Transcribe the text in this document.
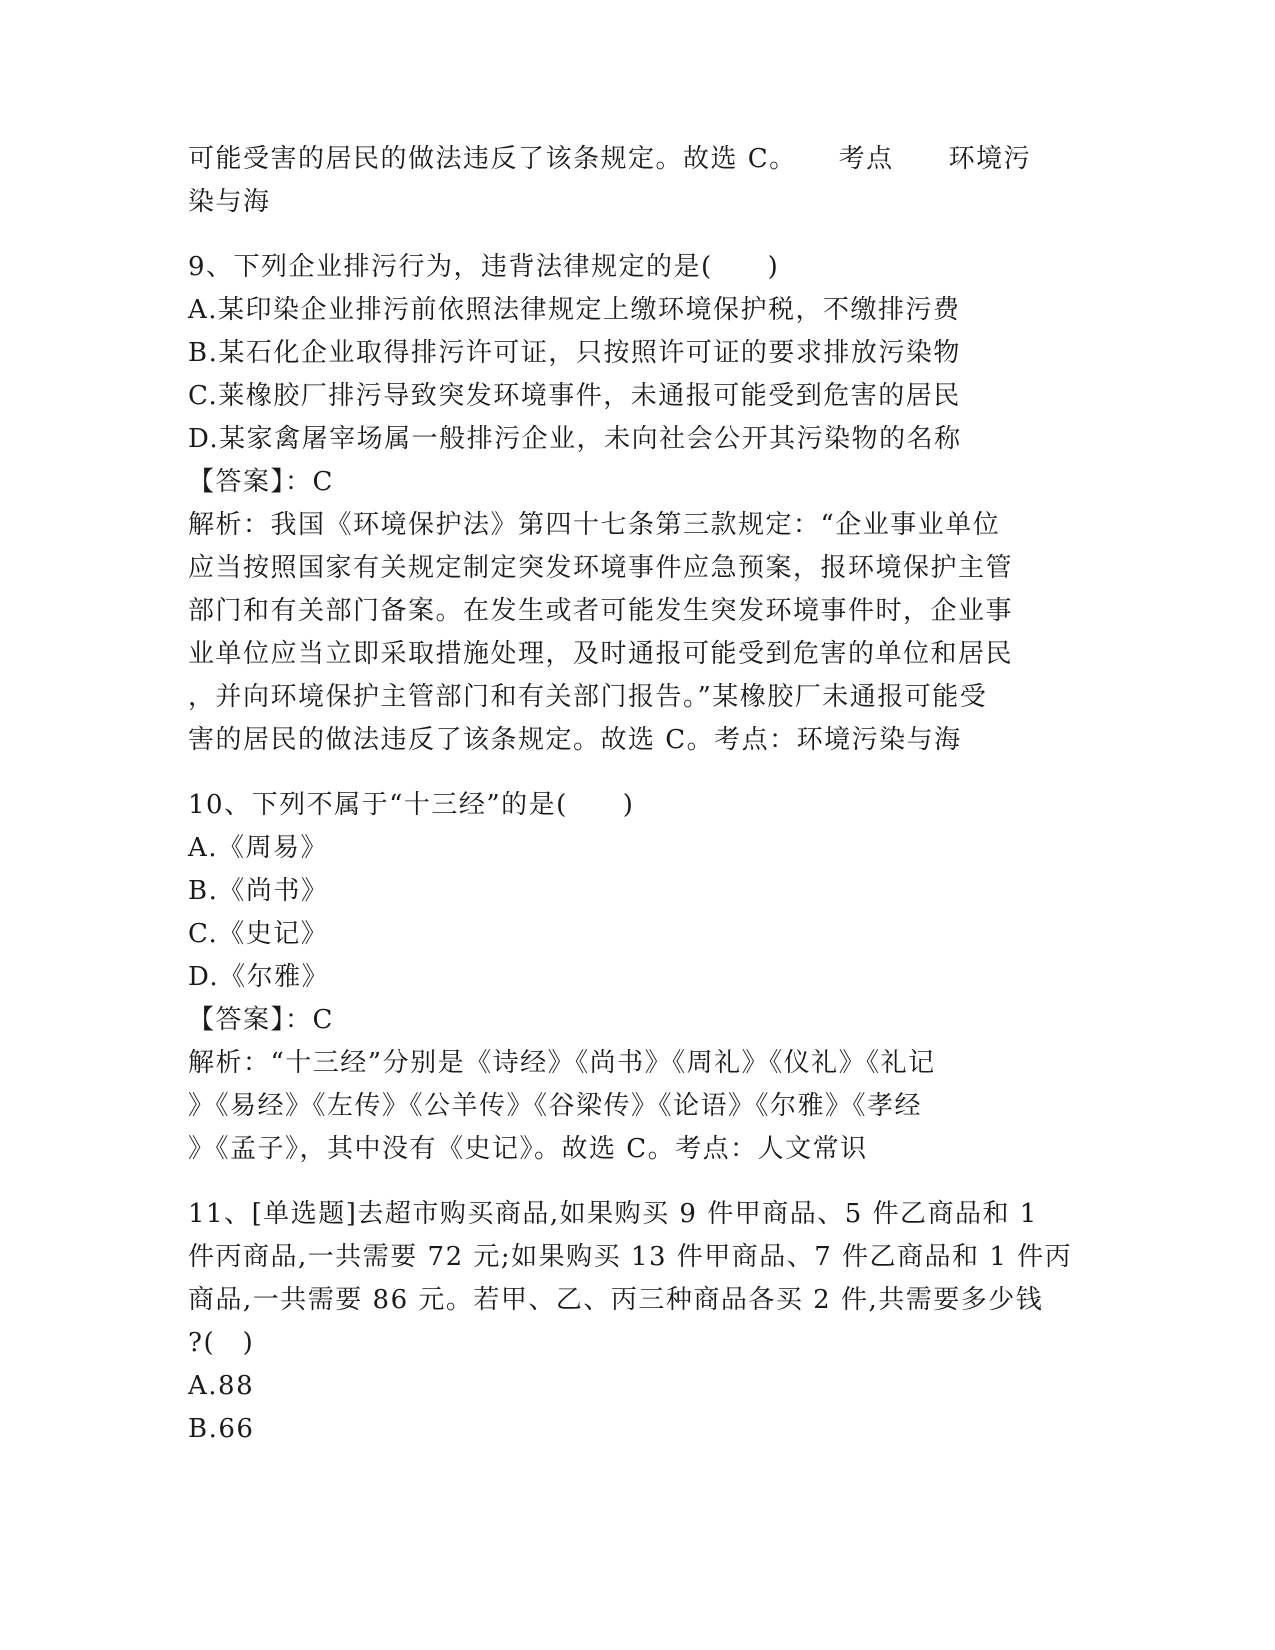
可能受害的居民的做法违反了该条规定。故选 C。　　考点　　环境污
染与海
9、下列企业排污行为，违背法律规定的是(　　)
A.某印染企业排污前依照法律规定上缴环境保护税，不缴排污费
B.某石化企业取得排污许可证，只按照许可证的要求排放污染物
C.莱橡胶厂排污导致突发环境事件，未通报可能受到危害的居民
D.某家禽屠宰场属一般排污企业，未向社会公开其污染物的名称
【答案】：C
解析：我国《环境保护法》第四十七条第三款规定：“企业事业单位
应当按照国家有关规定制定突发环境事件应急预案，报环境保护主管
部门和有关部门备案。在发生或者可能发生突发环境事件时，企业事
业单位应当立即采取措施处理，及时通报可能受到危害的单位和居民
，并向环境保护主管部门和有关部门报告。”某橡胶厂未通报可能受
害的居民的做法违反了该条规定。故选 C。考点：环境污染与海
10、下列不属于“十三经”的是(　　)
A.《周易》
B.《尚书》
C.《史记》
D.《尔雅》
【答案】：C
解析：“十三经”分别是《诗经》《尚书》《周礼》《仪礼》《礼记
》《易经》《左传》《公羊传》《谷梁传》《论语》《尔雅》《孝经
》《孟子》，其中没有《史记》。故选 C。考点：人文常识
11、[单选题]去超市购买商品,如果购买 9 件甲商品、5 件乙商品和 1
件丙商品,一共需要 72 元;如果购买 13 件甲商品、7 件乙商品和 1 件丙
商品,一共需要 86 元。若甲、乙、丙三种商品各买 2 件,共需要多少钱
?(　)
A.88
B.66
